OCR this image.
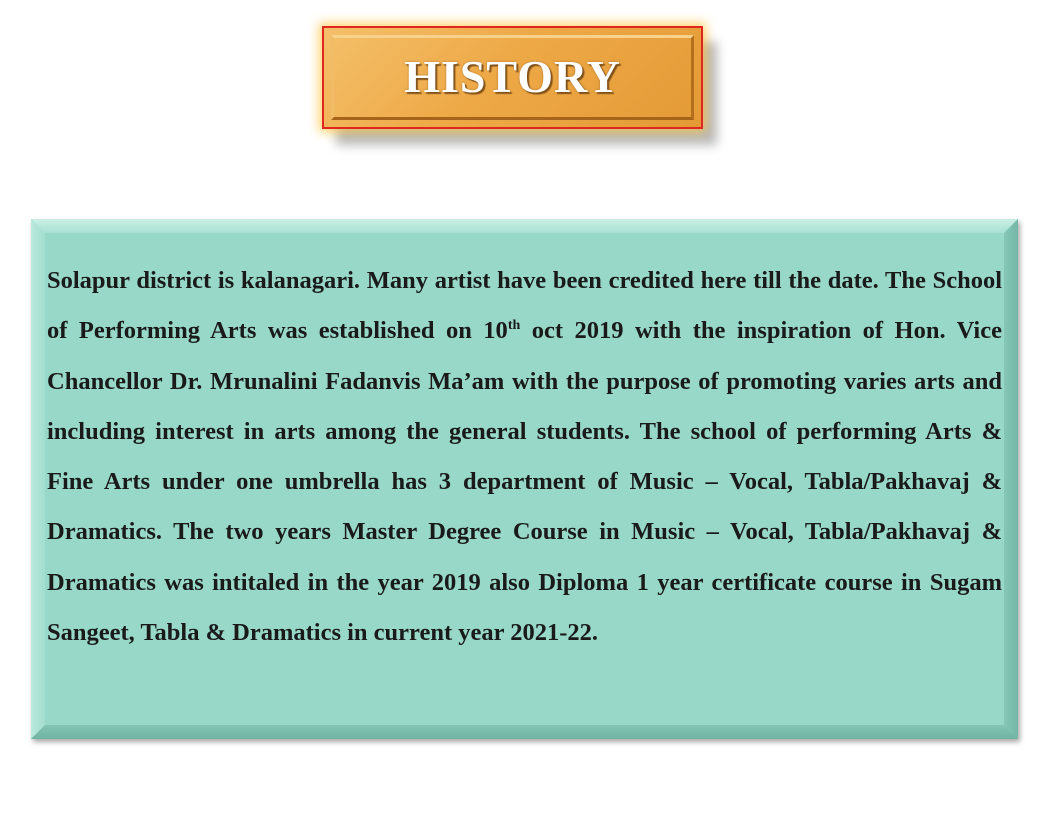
HISTORY

Solapur district is kalanagari. Many artist have been credited here till the date. The School of Performing Arts was established on 10th oct 2019 with the inspiration of Hon. Vice Chancellor Dr. Mrunalini Fadanvis Ma’am with the purpose of promoting varies arts and including interest in arts among the general students. The school of performing Arts & Fine Arts under one umbrella has 3 department of Music – Vocal, Tabla/Pakhavaj & Dramatics. The two years Master Degree Course in Music – Vocal, Tabla/Pakhavaj & Dramatics was intitaled in the year 2019 also Diploma 1 year certificate course in Sugam Sangeet, Tabla & Dramatics in current year 2021-22.
